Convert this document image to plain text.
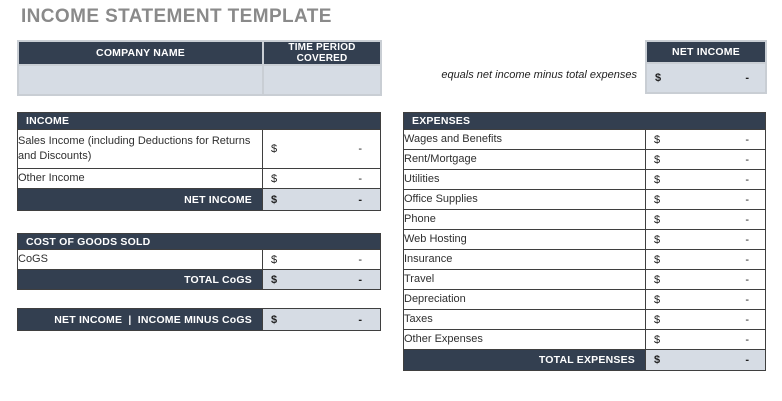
INCOME STATEMENT TEMPLATE
COMPANY NAME	TIME PERIOD COVERED

equals net income minus total expenses
NET INCOME

$	-
INCOME	
Sales Income (including Deductions for Returns and Discounts)	$ -

Other Income	$ -

NET INCOME	$ -
COST OF GOODS SOLD	
CoGS	$ -

TOTAL CoGS	$ -
NET INCOME  |  INCOME MINUS CoGS	$	-
EXPENSES	
Wages and Benefits	$ -

Rent/Mortgage	$ -

Utilities	$ -

Office Supplies	$ -

Phone	$ -

Web Hosting	$ -

Insurance	$ -

Travel	$ -

Depreciation	$ -

Taxes	$ -

Other Expenses	$ -

TOTAL EXPENSES	$ -
